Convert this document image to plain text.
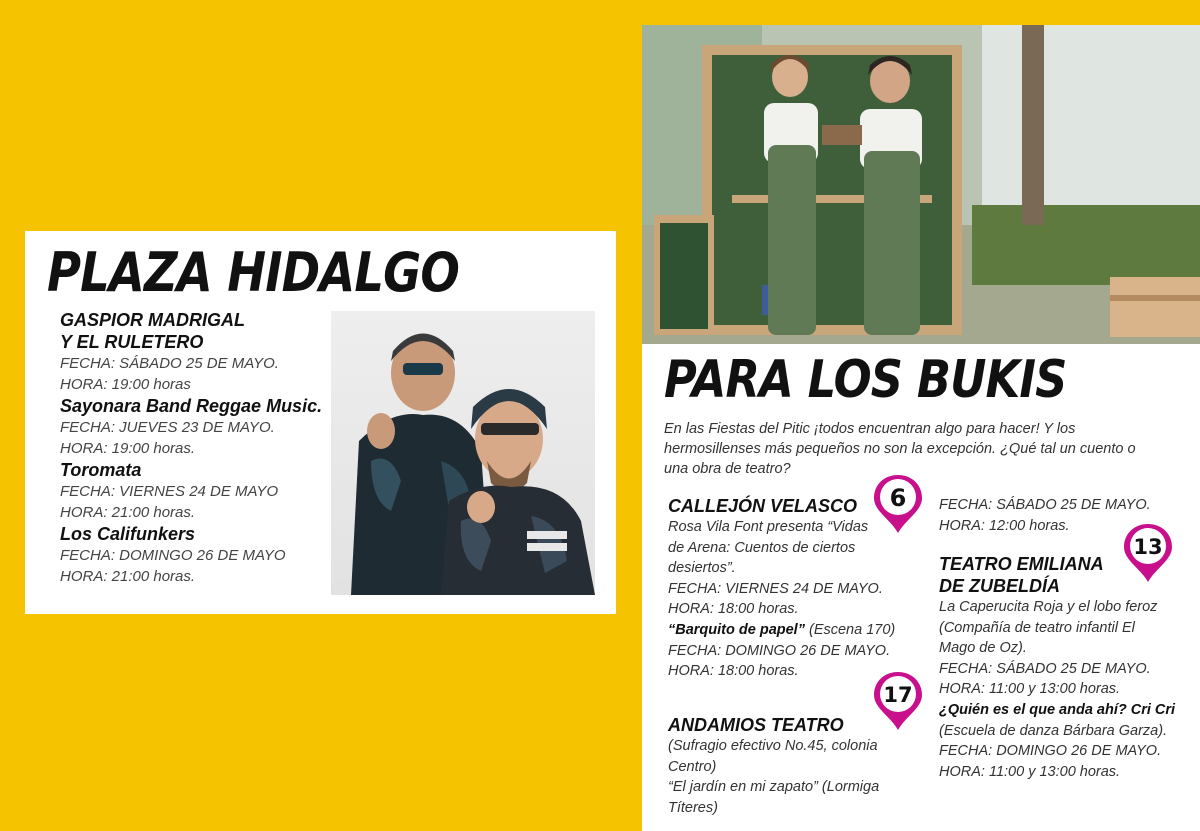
PLAZA HIDALGO
GASPIOR MADRIGAL
Y EL RULETERO
FECHA: SÁBADO 25 DE MAYO.
HORA: 19:00 horas
Sayonara Band Reggae Music.
FECHA: JUEVES 23 DE MAYO.
HORA: 19:00 horas.
Toromata
FECHA: VIERNES 24 DE MAYO
HORA: 21:00 horas.
Los Califunkers
FECHA: DOMINGO 26 DE MAYO
HORA: 21:00 horas.
PARA LOS BUKIS
En las Fiestas del Pitic ¡todos encuentran algo para hacer! Y los hermosillenses más pequeños no son la excepción. ¿Qué tal un cuento o una obra de teatro?
6
CALLEJÓN VELASCO
Rosa Vila Font presenta “Vidas
de Arena: Cuentos de ciertos
desiertos”.
FECHA: VIERNES 24 DE MAYO.
HORA: 18:00 horas.
“Barquito de papel” (Escena 170)
FECHA: DOMINGO 26 DE MAYO.
HORA: 18:00 horas.
17
ANDAMIOS TEATRO
(Sufragio efectivo No.45, colonia
Centro)
“El jardín en mi zapato” (Lormiga
Títeres)
FECHA: SÁBADO 25 DE MAYO.
HORA: 12:00 horas.
13
TEATRO EMILIANA
DE ZUBELDÍA
La Caperucita Roja y el lobo feroz
(Compañía de teatro infantil El
Mago de Oz).
FECHA: SÁBADO 25 DE MAYO.
HORA: 11:00 y 13:00 horas.
¿Quién es el que anda ahí? Cri Cri
(Escuela de danza Bárbara Garza).
FECHA: DOMINGO 26 DE MAYO.
HORA: 11:00 y 13:00 horas.
